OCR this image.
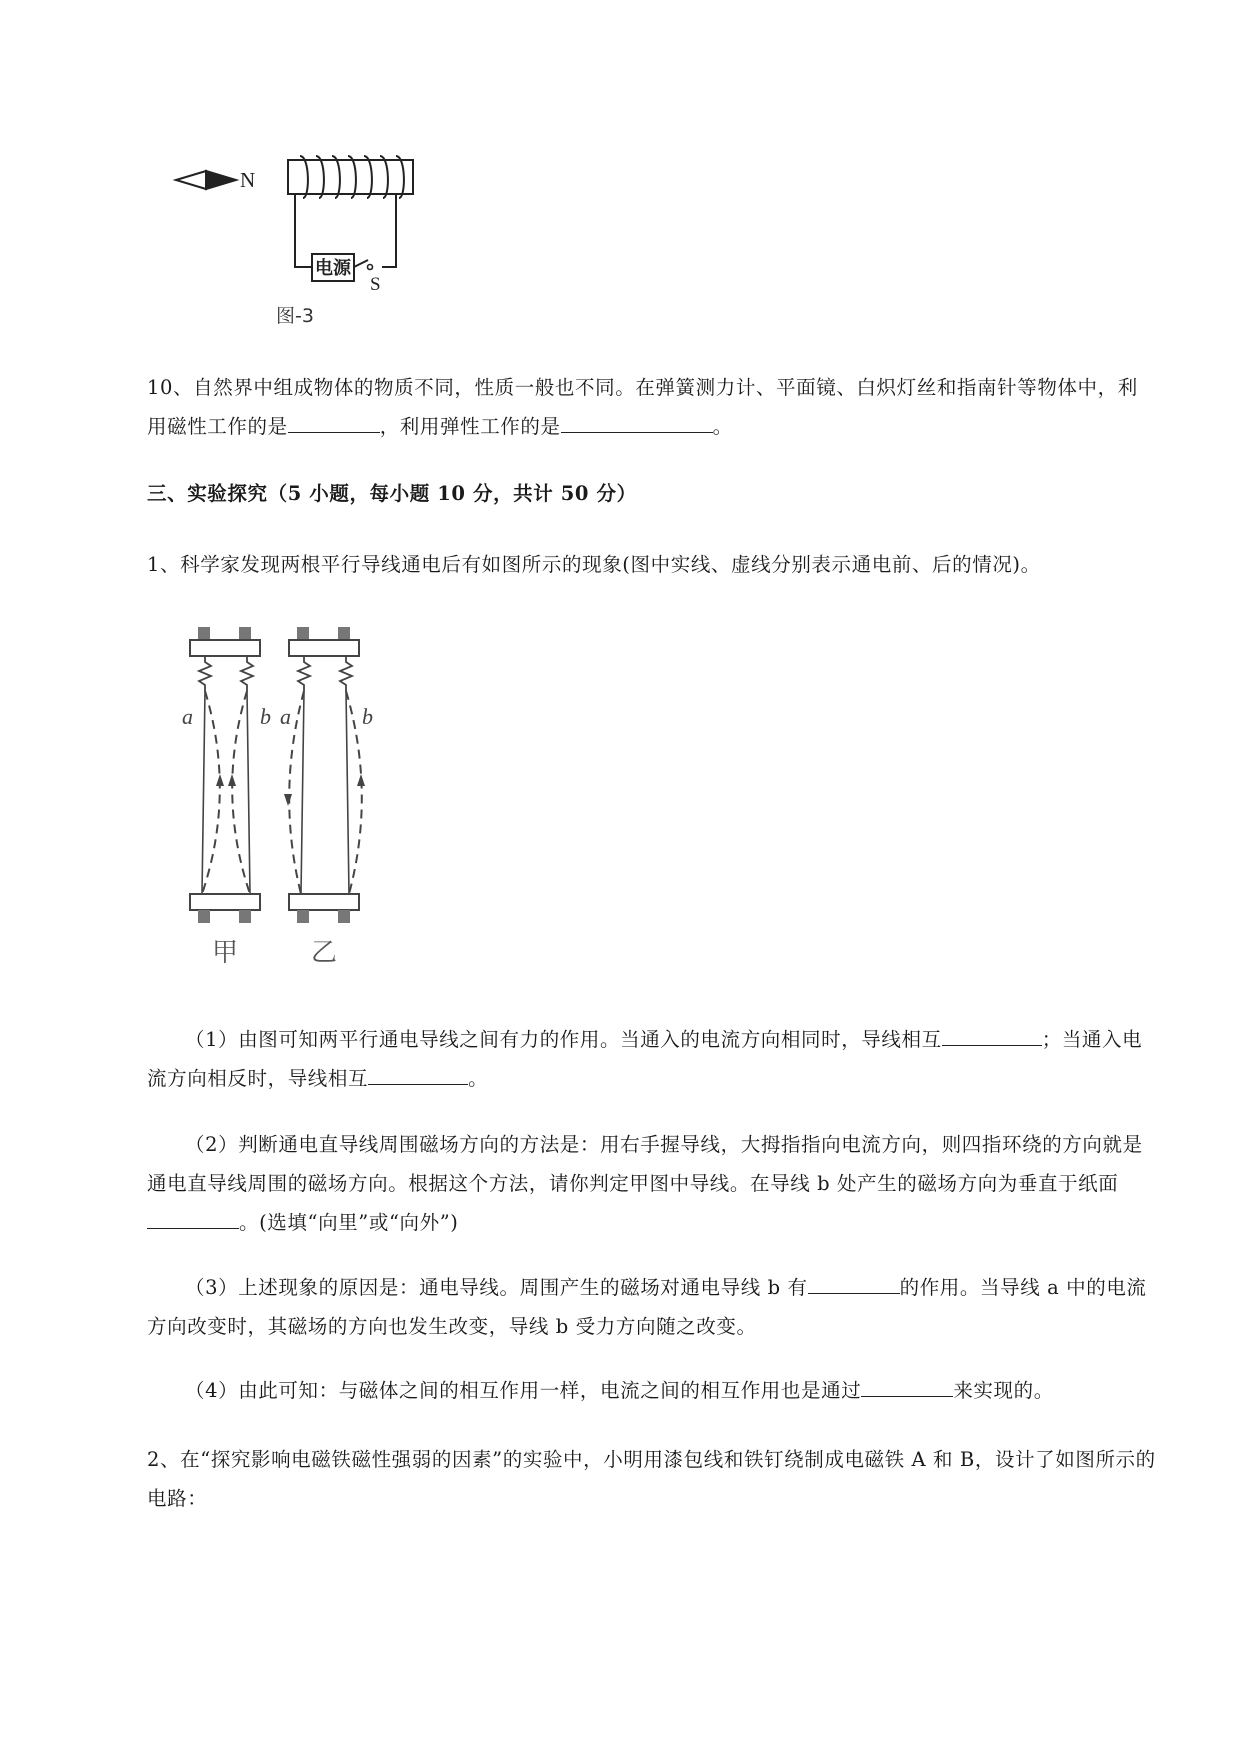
N
电源
S
图-3
10、自然界中组成物体的物质不同，性质一般也不同。在弹簧测力计、平面镜、白炽灯丝和指南针等物体中，利用磁性工作的是	，利用弹性工作的是	。
三、实验探究（5 小题，每小题 10 分，共计 50 分）
1、科学家发现两根平行导线通电后有如图所示的现象(图中实线、虚线分别表示通电前、后的情况)。
a	b
甲
a	b
乙
（1）由图可知两平行通电导线之间有力的作用。当通入的电流方向相同时，导线相互	；当通入电流方向相反时，导线相互	。
（2）判断通电直导线周围磁场方向的方法是：用右手握导线，大拇指指向电流方向，则四指环绕的方向就是通电直导线周围的磁场方向。根据这个方法，请你判定甲图中导线。在导线 b 处产生的磁场方向为垂直于纸面。(选填“向里”或“向外”)
（3）上述现象的原因是：通电导线。周围产生的磁场对通电导线 b 有	的作用。当导线 a 中的电流方向改变时，其磁场的方向也发生改变，导线 b 受力方向随之改变。
（4）由此可知：与磁体之间的相互作用一样，电流之间的相互作用也是通过	来实现的。
2、在“探究影响电磁铁磁性强弱的因素”的实验中，小明用漆包线和铁钉绕制成电磁铁 A 和 B，设计了如图所示的电路：
